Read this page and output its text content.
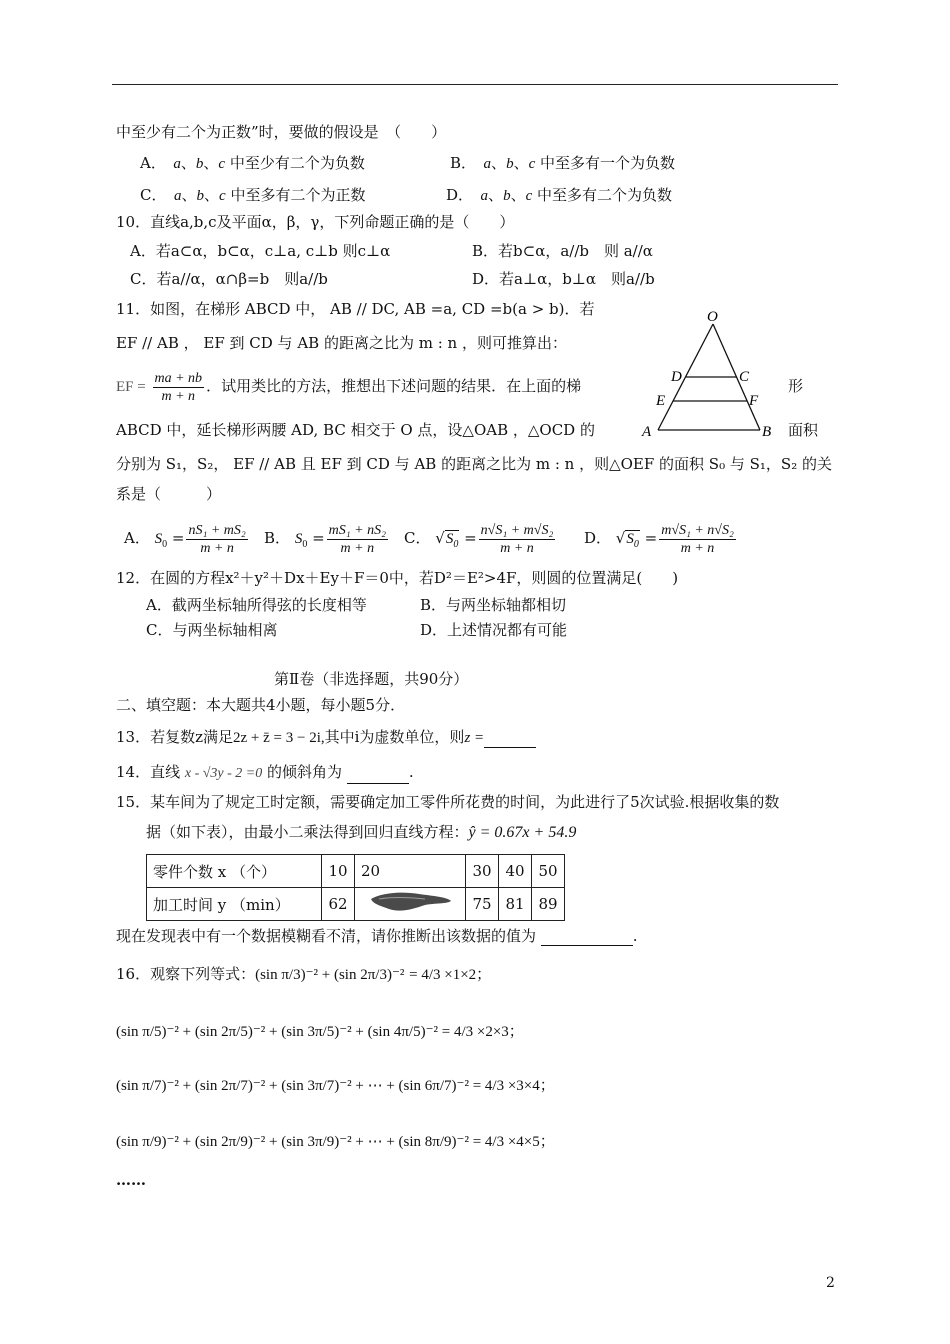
中至少有二个为正数”时，要做的假设是　（　　）
A．　a、b、c 中至少有二个为负数	B．　a、b、c 中至多有一个为负数
C．　a、b、c 中至多有二个为正数	D．　a、b、c 中至多有二个为负数
10．直线a,b,c及平面α，β，γ，下列命题正确的是（　　）
A．若a⊂α，b⊂α，c⊥a, c⊥b 则c⊥α	B．若b⊂α，a//b　则 a//α
C．若a//α，α∩β=b　则a//b	D．若a⊥α，b⊥α　则a//b
11．如图，在梯形 ABCD 中， AB // DC, AB =a, CD =b(a > b)．若
EF // AB ， EF 到 CD 与 AB 的距离之比为 m : n ，则可推算出：
EF = $\frac{ma + nb}{m + n}$ ．试用类比的方法，推想出下述问题的结果．在上面的梯	形
ABCD 中，延长梯形两腰 AD, BC 相交于 O 点，设△OAB ，△OCD 的	面积
分别为 S₁，S₂， EF // AB 且 EF 到 CD 与 AB 的距离之比为 m : n ，则△OEF 的面积 S₀ 与 S₁，S₂ 的关
系是（　　　）
O
D	C
E	F
A	B
A． $S_0 = \frac{\text{nS₁ + mS₂}}{m + n}$ B． $S_0 = \frac{\text{mS₁ + nS₂}}{m + n}$ C． $√S_0 = \frac{\text{n√S₁ + m√S₂}}{m + n}$ D． $√S_0 = \frac{\text{m√S₁ + n√S₂}}{m + n}$
12．在圆的方程x²＋y²＋Dx＋Ey＋F＝0中，若D²＝E²>4F，则圆的位置满足(　　)
A．截两坐标轴所得弦的长度相等	B．与两坐标轴都相切
C．与两坐标轴相离	D．上述情况都有可能
第Ⅱ卷（非选择题，共90分）
二、填空题：本大题共4小题，每小题5分．
13．若复数z满足2z + z̄ = 3 − 2i,其中i为虚数单位，则z =
14．直线 x - √3y - 2 =0 的倾斜角为	.
15．某车间为了规定工时定额，需要确定加工零件所花费的时间，为此进行了5次试验.根据收集的数
据（如下表），由最小二乘法得到回归直线方程：ŷ = 0.67x + 54.9
零件个数 x （个）	10	20	30	40	50
加工时间 y （min）	62		75	81	89
现在发现表中有一个数据模糊看不清，请你推断出该数据的值为	.
16．观察下列等式：(sin π/3)⁻² + (sin 2π/3)⁻² = 4/3 ×1×2；
(sin π/5)⁻² + (sin 2π/5)⁻² + (sin 3π/5)⁻² + (sin 4π/5)⁻² = 4/3 ×2×3；
(sin π/7)⁻² + (sin 2π/7)⁻² + (sin 3π/7)⁻² + ⋯ + (sin 6π/7)⁻² = 4/3 ×3×4；
(sin π/9)⁻² + (sin 2π/9)⁻² + (sin 3π/9)⁻² + ⋯ + (sin 8π/9)⁻² = 4/3 ×4×5；
……
2
